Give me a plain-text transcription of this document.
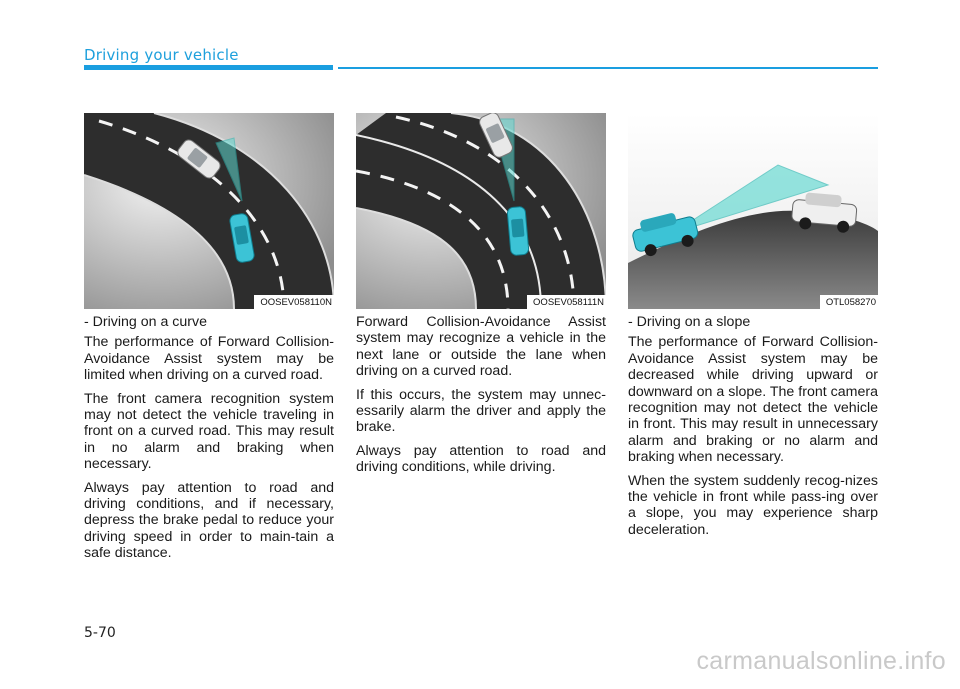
Driving your vehicle
OOSEV058110N	OOSEV058111N	OTL058270

- Driving on a curve

The performance of Forward Collision-Avoidance Assist system may be limited when driving on a curved road.

The front camera recognition system may not detect the vehicle traveling in front on a curved road. This may result in no alarm and braking when necessary.

Always pay attention to road and driving conditions, and if necessary, depress the brake pedal to reduce your driving speed in order to main-tain a safe distance.

Forward Collision-Avoidance Assist system may recognize a vehicle in the next lane or outside the lane when driving on a curved road.

If this occurs, the system may unnec-essarily alarm the driver and apply the brake.

Always pay attention to road and driving conditions, while driving.

- Driving on a slope

The performance of Forward Collision-Avoidance Assist system may be decreased while driving upward or downward on a slope. The front camera recognition may not detect the vehicle in front. This may result in unnecessary alarm and braking or no alarm and braking when necessary.

When the system suddenly recog-nizes the vehicle in front while pass-ing over a slope, you may experience sharp deceleration.

5-70
carmanualsonline.info
